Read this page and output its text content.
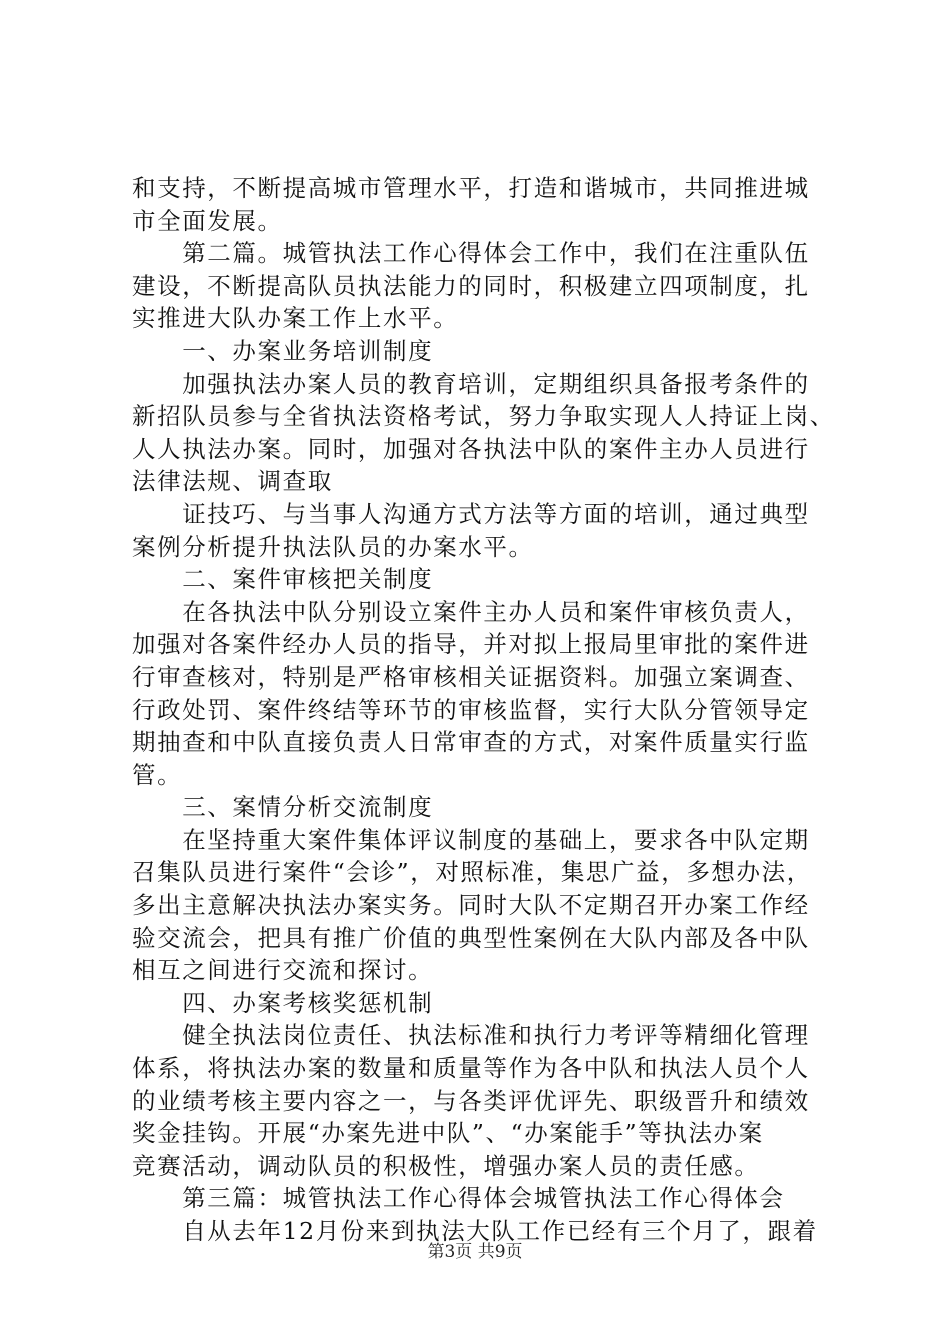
和支持，不断提高城市管理水平，打造和谐城市，共同推进城
市全面发展。
　　第二篇。城管执法工作心得体会工作中，我们在注重队伍
建设，不断提高队员执法能力的同时，积极建立四项制度，扎
实推进大队办案工作上水平。
　　一、办案业务培训制度
　　加强执法办案人员的教育培训，定期组织具备报考条件的
新招队员参与全省执法资格考试，努力争取实现人人持证上岗、
人人执法办案。同时，加强对各执法中队的案件主办人员进行
法律法规、调查取
　　证技巧、与当事人沟通方式方法等方面的培训，通过典型
案例分析提升执法队员的办案水平。
　　二、案件审核把关制度
　　在各执法中队分别设立案件主办人员和案件审核负责人，
加强对各案件经办人员的指导，并对拟上报局里审批的案件进
行审查核对，特别是严格审核相关证据资料。加强立案调查、
行政处罚、案件终结等环节的审核监督，实行大队分管领导定
期抽查和中队直接负责人日常审查的方式，对案件质量实行监
管。
　　三、案情分析交流制度
　　在坚持重大案件集体评议制度的基础上，要求各中队定期
召集队员进行案件“会诊”，对照标准，集思广益，多想办法，
多出主意解决执法办案实务。同时大队不定期召开办案工作经
验交流会，把具有推广价值的典型性案例在大队内部及各中队
相互之间进行交流和探讨。
　　四、办案考核奖惩机制
　　健全执法岗位责任、执法标准和执行力考评等精细化管理
体系，将执法办案的数量和质量等作为各中队和执法人员个人
的业绩考核主要内容之一，与各类评优评先、职级晋升和绩效
奖金挂钩。开展“办案先进中队”、“办案能手”等执法办案
竞赛活动，调动队员的积极性，增强办案人员的责任感。
　　第三篇：城管执法工作心得体会城管执法工作心得体会
　　自从去年12月份来到执法大队工作已经有三个月了，跟着
第3页 共9页
